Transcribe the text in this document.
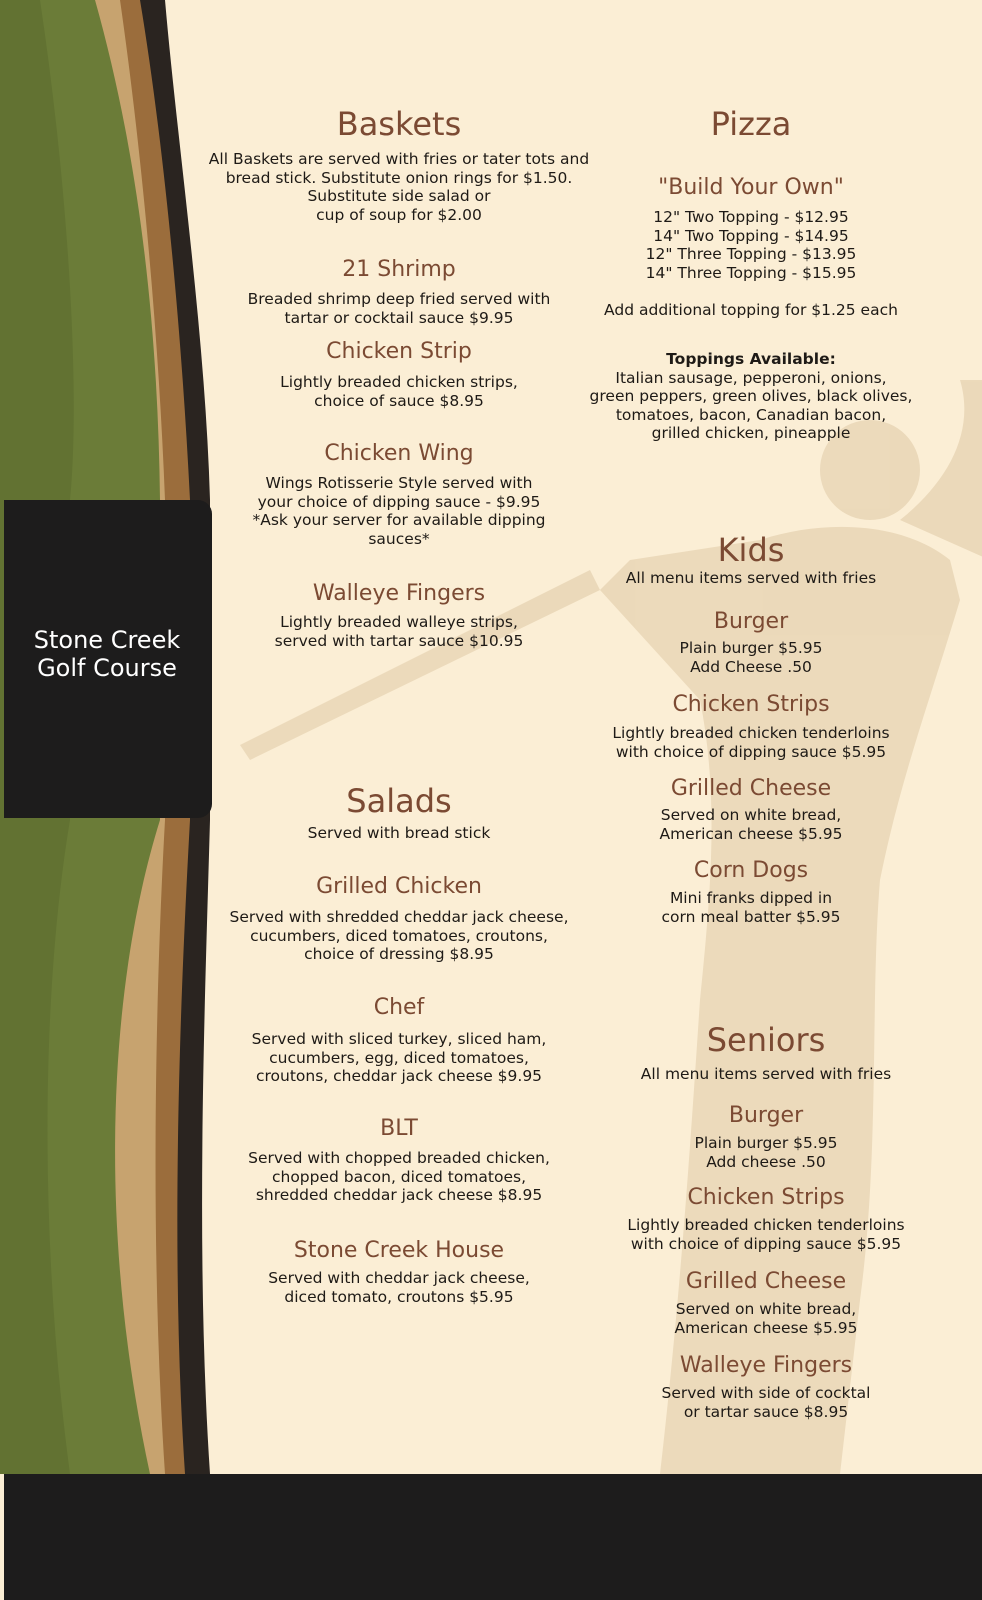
Stone Creek
Golf Course
Baskets
All Baskets are served with fries or tater tots and
bread stick. Substitute onion rings for $1.50.
Substitute side salad or
cup of soup for $2.00
21 Shrimp
Breaded shrimp deep fried served with
tartar or cocktail sauce $9.95
Chicken Strip
Lightly breaded chicken strips,
choice of sauce $8.95
Chicken Wing
Wings Rotisserie Style served with
your choice of dipping sauce - $9.95
*Ask your server for available dipping
sauces*
Walleye Fingers
Lightly breaded walleye strips,
served with tartar sauce $10.95
Salads
Served with bread stick
Grilled Chicken
Served with shredded cheddar jack cheese,
cucumbers, diced tomatoes, croutons,
choice of dressing $8.95
Chef
Served with sliced turkey, sliced ham,
cucumbers, egg, diced tomatoes,
croutons, cheddar jack cheese $9.95
BLT
Served with chopped breaded chicken,
chopped bacon, diced tomatoes,
shredded cheddar jack cheese $8.95
Stone Creek House
Served with cheddar jack cheese,
diced tomato, croutons $5.95
Pizza
"Build Your Own"
12" Two Topping - $12.95
14" Two Topping - $14.95
12" Three Topping - $13.95
14" Three Topping - $15.95
Add additional topping for $1.25 each
Toppings Available:
Italian sausage, pepperoni, onions,
green peppers, green olives, black olives,
tomatoes, bacon, Canadian bacon,
grilled chicken, pineapple
Kids
All menu items served with fries
Burger
Plain burger $5.95
Add Cheese .50
Chicken Strips
Lightly breaded chicken tenderloins
with choice of dipping sauce $5.95
Grilled Cheese
Served on white bread,
American cheese $5.95
Corn Dogs
Mini franks dipped in
corn meal batter $5.95
Seniors
All menu items served with fries
Burger
Plain burger $5.95
Add cheese .50
Chicken Strips
Lightly breaded chicken tenderloins
with choice of dipping sauce $5.95
Grilled Cheese
Served on white bread,
American cheese $5.95
Walleye Fingers
Served with side of cocktal
or tartar sauce $8.95
